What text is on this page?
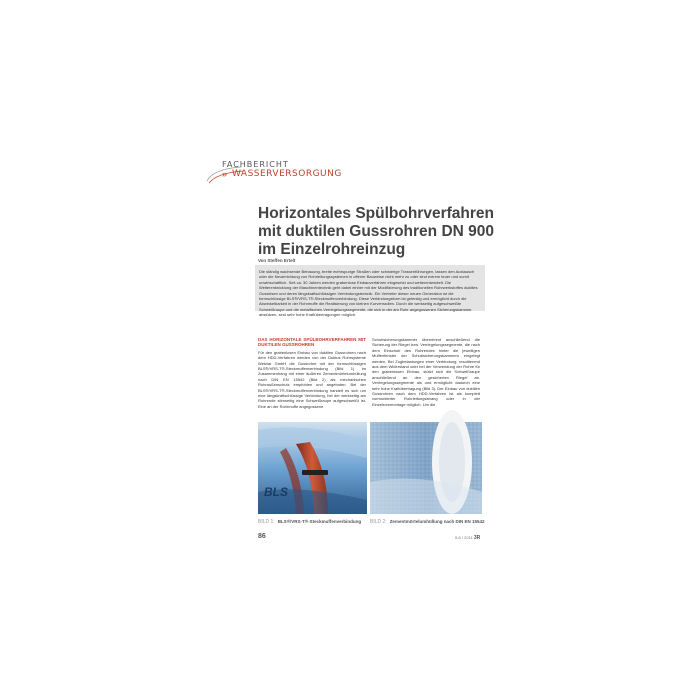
FACHBERICHT
» WASSERVERSORGUNG
Horizontales Spülbohrverfahren
mit duktilen Gussrohren DN 900
im Einzelrohreinzug
Von Steffen Ertelt
Die ständig wachsende Bebauung, breite mehrspurige Straßen oder schwierige Trassenführungen, lassen den Austausch oder die Neuerrichtung von Rohrleitungssystemen in offener Bauweise nicht mehr zu oder sind extrem teuer und somit unwirtschaftlich. Seit ca. 30 Jahren werden grabenlose Einbauverfahren eingesetzt und weiterentwickelt. Die Weiterentwicklung der Maschinentechnik geht dabei einher mit der Modifizierung des traditionellen Rohrwerkstoffes duktiles Gusseisen und deren längskraftschlüssigen Verbindungstechnik. Ein Vertreter dieser neuen Generation ist die formschlüssige BLS®/VRS-T®-Steckmuffenverbindung. Diese Verbindungsform ist gelenkig und ermöglicht durch die Abwinkelbarkeit in der Rohrmuffe die Realisierung von kleinen Kurvenradien. Durch die werkseitig aufgeschweißte Schweißraupe und die metallischen Verriegelungssegmente, die sich in der am Rohr angegossenen Sicherungskammer abstützen, sind sehr hohe Kraftübertragungen möglich.
DAS HORIZONTALE SPÜLBOHRVERFAHREN MIT DUKTILEN GUSSROHREN

Für den grabenlosen Einbau von duktilen Gussrohren nach dem HDD-Verfahren werden von der Duktus Rohrsysteme Wetzlar GmbH die Gussrohre mit der formschlüssigen BLS®/VRS-T®-Steckmuffenverbindung (Bild 1) im Zusammenhang mit einer äußeren Zementmörtelumhüllung nach DIN EN 15542 (Bild 2) als mechanischen Rohraußenschutz empfohlen und angeboten. Bei der BLS®/VRS-T®-Steckmuffenverbindung handelt es sich um eine längskraftschlüssige Verbindung, bei der werkseitig am Rohrende stirnseitig eine Schweißraupe aufgeschweißt ist. Eine an der Rohrmuffe angegossene

Schubsicherungskammer übernimmt anschließend die Sicherung der Riegel bzw. Verriegelungssegmente, die nach dem Einschub des Rohrendes hinter die jeweiligen Muffenfenster der Schubsicherungskammern eingelegt werden. Bei Zugbelastungen einer Verbindung, resultierend aus dem Widerstand oder bei der Verwendung der Rohre für den grabenlosen Einbau, stützt sich die Schweißraupe anschließend an den gesicherten Riegel ab. Verriegelungssegmente als und ermöglicht dadurch eine sehr hohe Kraftübertragung (Bild 3). Der Einbau von duktilen Gussrohren nach dem HDD-Verfahren ist als komplett vormontierter Rohrleitungsstrang oder in der Einzelrohrmontage möglich. Um die

BLS
BILD 1: BLS®/VRS-T®-Steckmuffenverbindung BILD 2: Zementmörtelumhüllung nach DIN EN 15542
86	5-6 / 2011 3R
